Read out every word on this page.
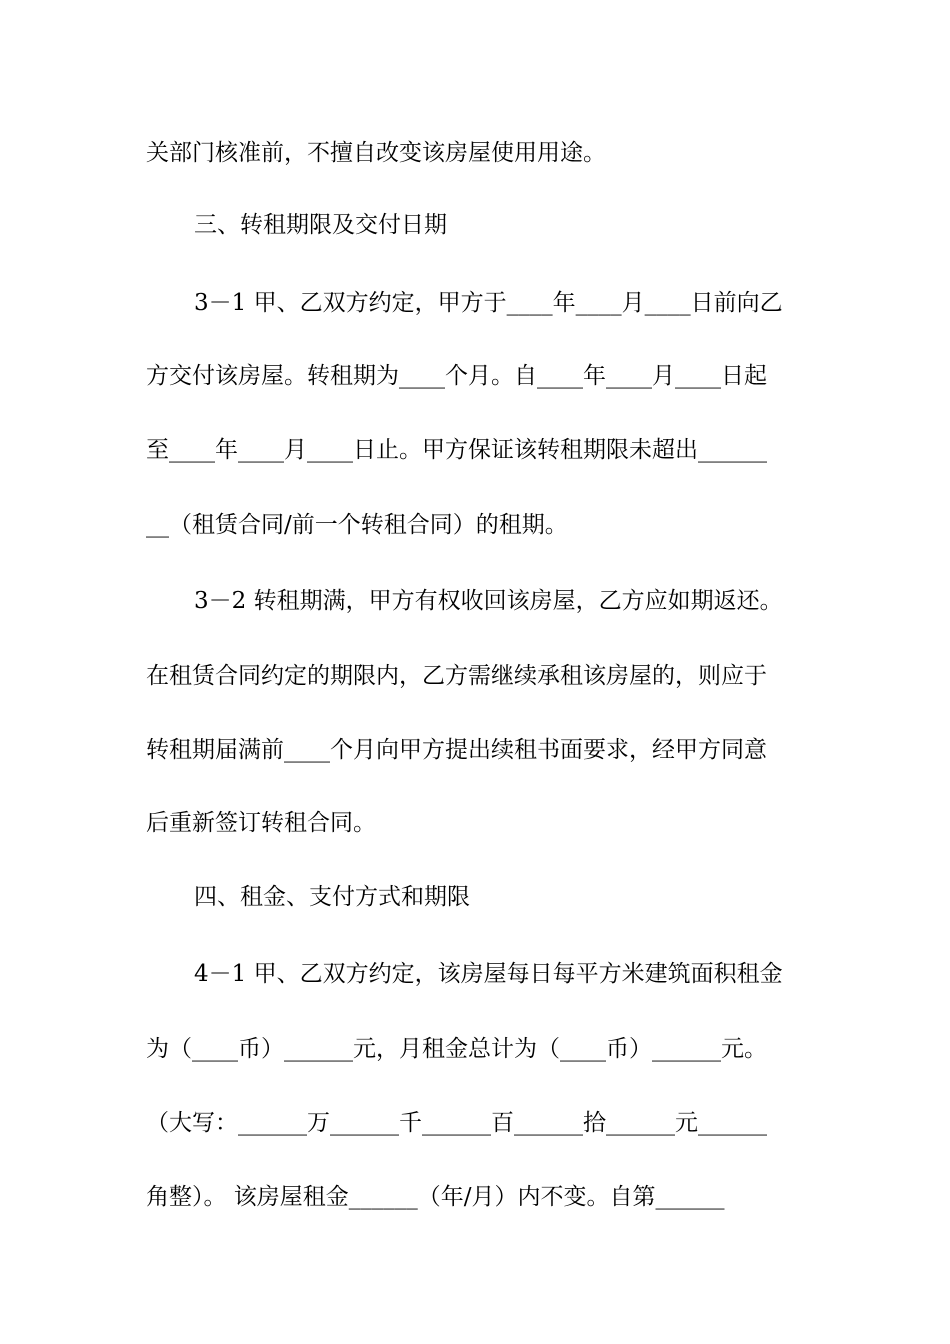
关部门核准前，不擅自改变该房屋使用用途。
三、转租期限及交付日期
3－1 甲、乙双方约定，甲方于____年____月____日前向乙
方交付该房屋。转租期为____个月。自____年____月____日起
至____年____月____日止。甲方保证该转租期限未超出______
__（租赁合同/前一个转租合同）的租期。
3－2 转租期满，甲方有权收回该房屋，乙方应如期返还。
在租赁合同约定的期限内，乙方需继续承租该房屋的，则应于
转租期届满前____个月向甲方提出续租书面要求，经甲方同意
后重新签订转租合同。
四、租金、支付方式和期限
4－1 甲、乙双方约定，该房屋每日每平方米建筑面积租金
为（____币）______元，月租金总计为（____币）______元。
（大写：______万______千______百______拾______元______
角整）。 该房屋租金______（年/月）内不变。自第______
